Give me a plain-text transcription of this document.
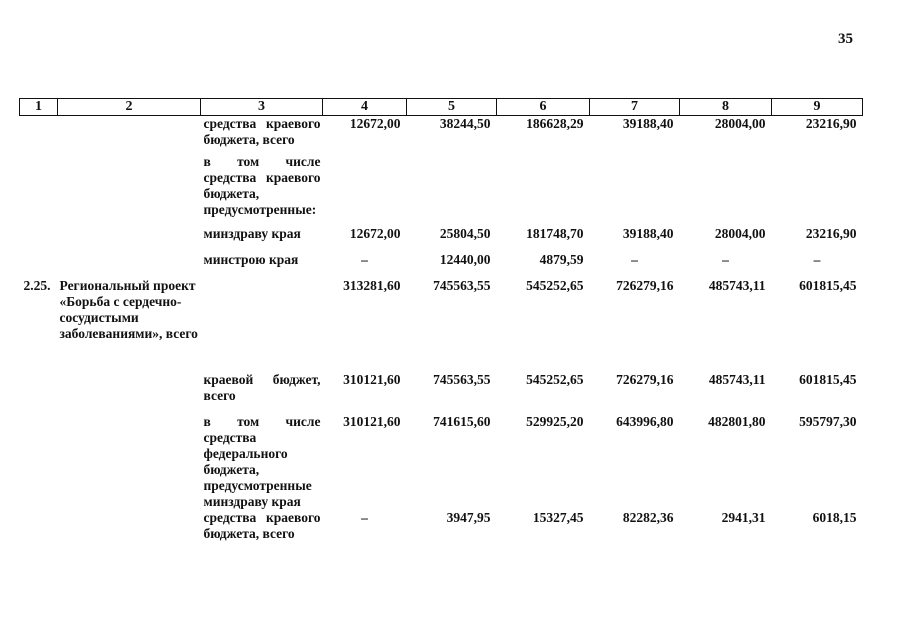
35
1	2	3	4	5	6	7	8	9
		средства краевого бюджета, всего	12672,00	38244,50	186628,29	39188,40	28004,00	23216,90
		в том числе средства краевого бюджета, предусмотренные:						
		минздраву края	12672,00	25804,50	181748,70	39188,40	28004,00	23216,90
		минстрою края	–	12440,00	4879,59	–	–	–
2.25.	Региональный проект «Борьба с сердечно-сосудистыми заболеваниями», всего		313281,60	745563,55	545252,65	726279,16	485743,11	601815,45
		краевой бюджет, всего	310121,60	745563,55	545252,65	726279,16	485743,11	601815,45
		в том числе средства федерального бюджета, предусмотренные минздраву края	310121,60	741615,60	529925,20	643996,80	482801,80	595797,30
		средства краевого бюджета, всего	–	3947,95	15327,45	82282,36	2941,31	6018,15
